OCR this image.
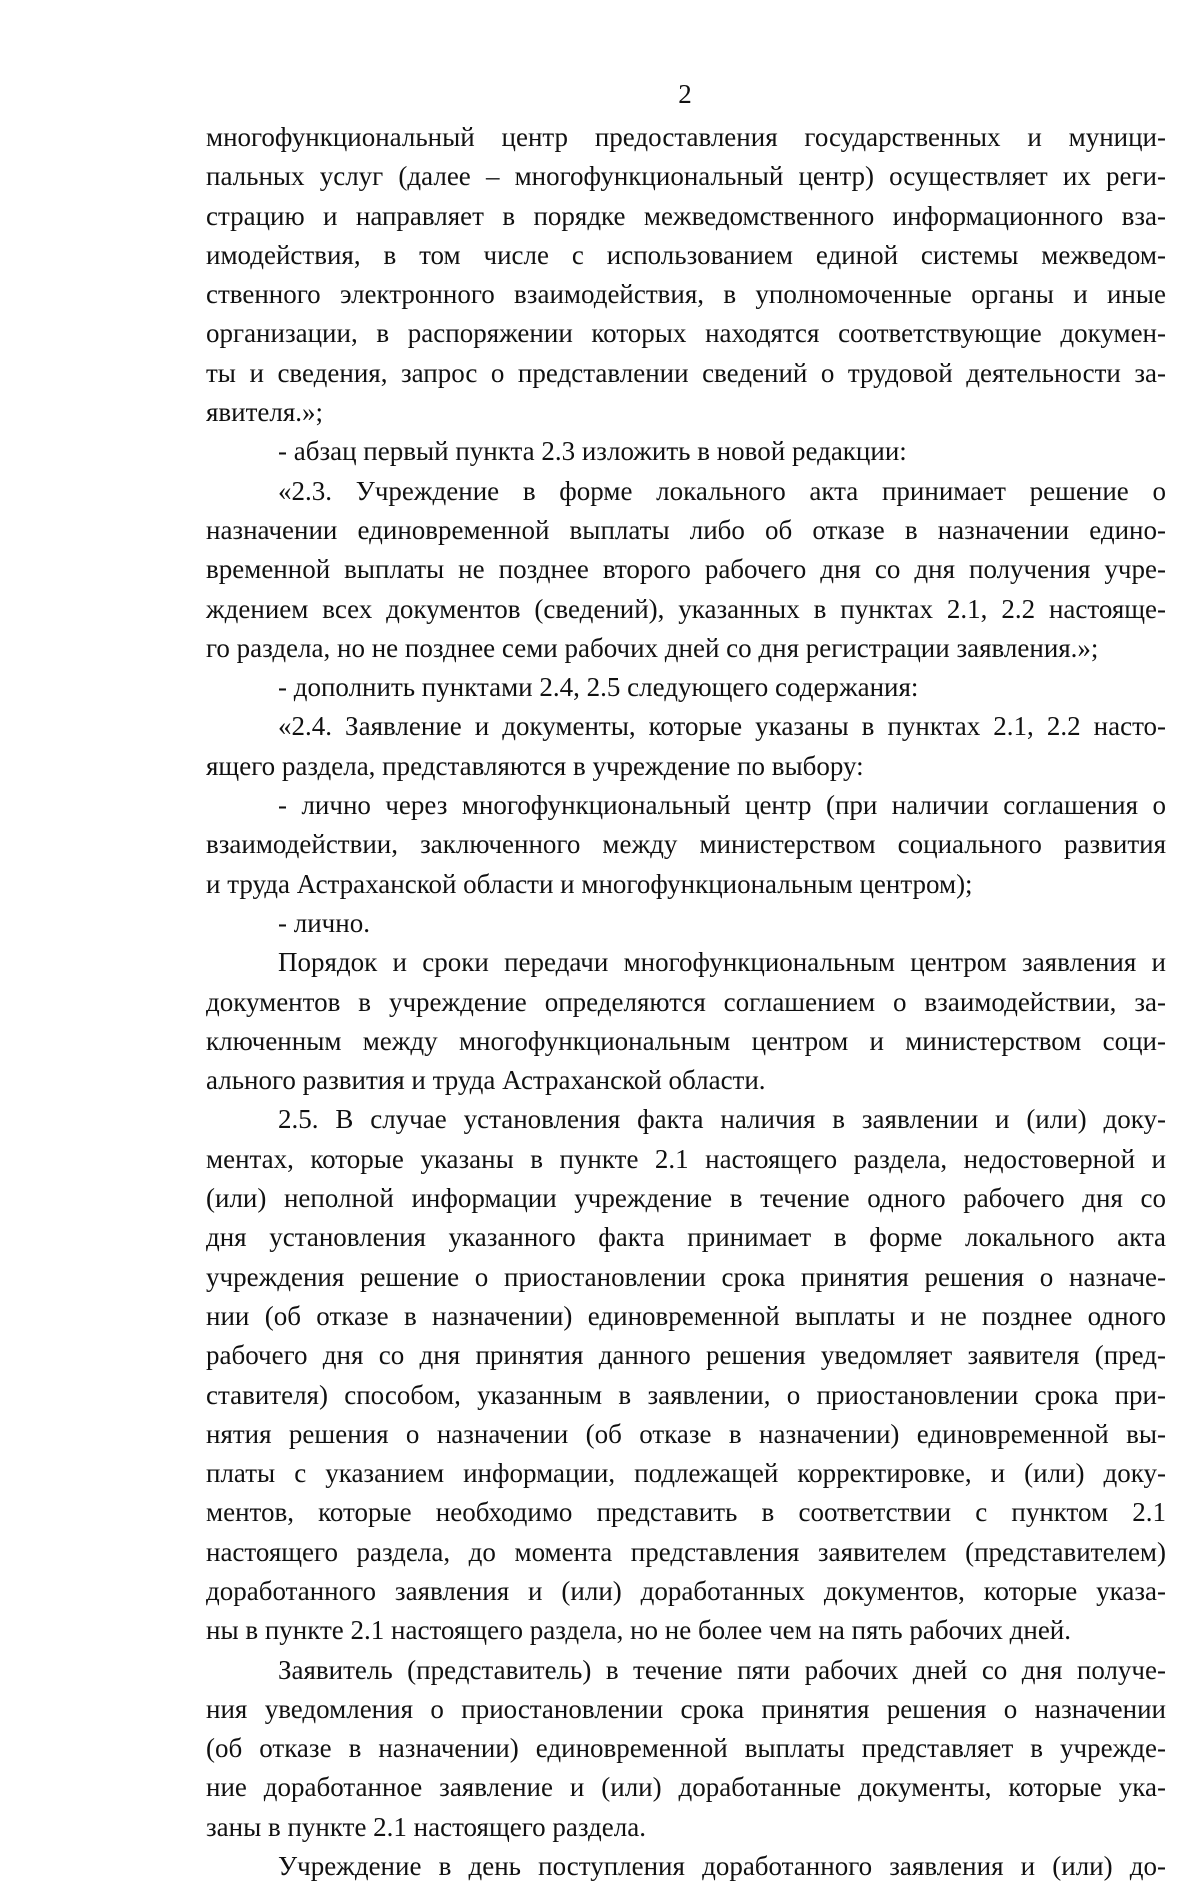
2
многофункциональный центр предоставления государственных и муници-
пальных услуг (далее – многофункциональный центр) осуществляет их реги-
страцию и направляет в порядке межведомственного информационного вза-
имодействия, в том числе с использованием единой системы межведом-
ственного электронного взаимодействия, в уполномоченные органы и иные
организации, в распоряжении которых находятся соответствующие докумен-
ты и сведения, запрос о представлении сведений о трудовой деятельности за-
явителя.»;
- абзац первый пункта 2.3 изложить в новой редакции:
«2.3. Учреждение в форме локального акта принимает решение о
назначении единовременной выплаты либо об отказе в назначении едино-
временной выплаты не позднее второго рабочего дня со дня получения учре-
ждением всех документов (сведений), указанных в пунктах 2.1, 2.2 настояще-
го раздела, но не позднее семи рабочих дней со дня регистрации заявления.»;
- дополнить пунктами 2.4, 2.5 следующего содержания:
«2.4. Заявление и документы, которые указаны в пунктах 2.1, 2.2 насто-
ящего раздела, представляются в учреждение по выбору:
- лично через многофункциональный центр (при наличии соглашения о
взаимодействии, заключенного между министерством социального развития
и труда Астраханской области и многофункциональным центром);
- лично.
Порядок и сроки передачи многофункциональным центром заявления и
документов в учреждение определяются соглашением о взаимодействии, за-
ключенным между многофункциональным центром и министерством соци-
ального развития и труда Астраханской области.
2.5. В случае установления факта наличия в заявлении и (или) доку-
ментах, которые указаны в пункте 2.1 настоящего раздела, недостоверной и
(или) неполной информации учреждение в течение одного рабочего дня со
дня установления указанного факта принимает в форме локального акта
учреждения решение о приостановлении срока принятия решения о назначе-
нии (об отказе в назначении) единовременной выплаты и не позднее одного
рабочего дня со дня принятия данного решения уведомляет заявителя (пред-
ставителя) способом, указанным в заявлении, о приостановлении срока при-
нятия решения о назначении (об отказе в назначении) единовременной вы-
платы с указанием информации, подлежащей корректировке, и (или) доку-
ментов, которые необходимо представить в соответствии с пунктом 2.1
настоящего раздела, до момента представления заявителем (представителем)
доработанного заявления и (или) доработанных документов, которые указа-
ны в пункте 2.1 настоящего раздела, но не более чем на пять рабочих дней.
Заявитель (представитель) в течение пяти рабочих дней со дня получе-
ния уведомления о приостановлении срока принятия решения о назначении
(об отказе в назначении) единовременной выплаты представляет в учрежде-
ние доработанное заявление и (или) доработанные документы, которые ука-
заны в пункте 2.1 настоящего раздела.
Учреждение в день поступления доработанного заявления и (или) до-
